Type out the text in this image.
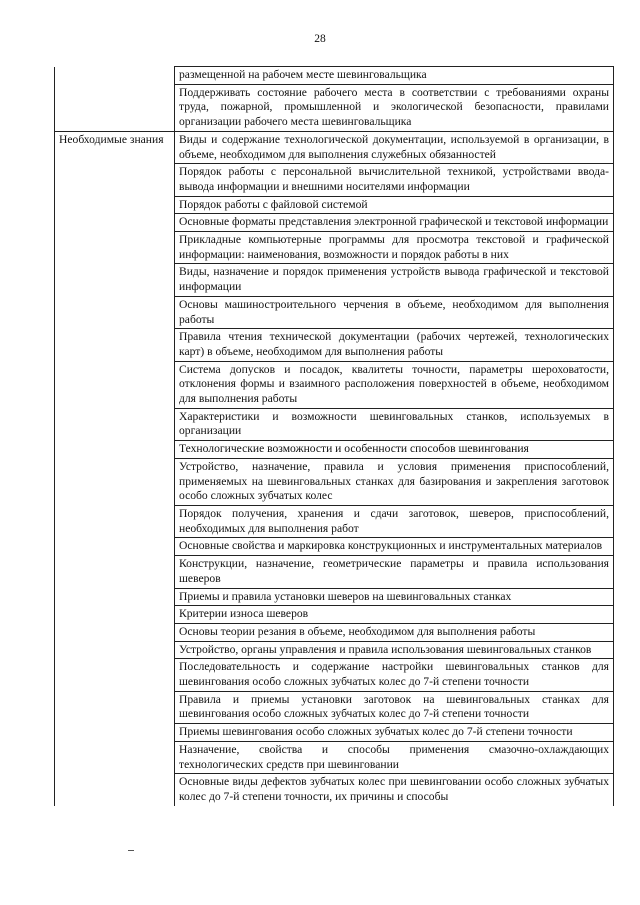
28
	размещенной на рабочем месте шевинговальщика
	Поддерживать состояние рабочего места в соответствии с требованиями охраны труда, пожарной, промышленной и экологической безопасности, правилами организации рабочего места шевинговальщика
Необходимые знания	Виды и содержание технологической документации, используемой в организации, в объеме, необходимом для выполнения служебных обязанностей
	Порядок работы с персональной вычислительной техникой, устройствами ввода-вывода информации и внешними носителями информации
	Порядок работы с файловой системой
	Основные форматы представления электронной графической и текстовой информации
	Прикладные компьютерные программы для просмотра текстовой и графической информации: наименования, возможности и порядок работы в них
	Виды, назначение и порядок применения устройств вывода графической и текстовой информации
	Основы машиностроительного черчения в объеме, необходимом для выполнения работы
	Правила чтения технической документации (рабочих чертежей, технологических карт) в объеме, необходимом для выполнения работы
	Система допусков и посадок, квалитеты точности, параметры шероховатости, отклонения формы и взаимного расположения поверхностей в объеме, необходимом для выполнения работы
	Характеристики и возможности шевинговальных станков, используемых в организации
	Технологические возможности и особенности способов шевингования
	Устройство, назначение, правила и условия применения приспособлений, применяемых на шевинговальных станках для базирования и закрепления заготовок особо сложных зубчатых колес
	Порядок получения, хранения и сдачи заготовок, шеверов, приспособлений, необходимых для выполнения работ
	Основные свойства и маркировка конструкционных и инструментальных материалов
	Конструкции, назначение, геометрические параметры и правила использования шеверов
	Приемы и правила установки шеверов на шевинговальных станках
	Критерии износа шеверов
	Основы теории резания в объеме, необходимом для выполнения работы
	Устройство, органы управления и правила использования шевинговальных станков
	Последовательность и содержание настройки шевинговальных станков для шевингования особо сложных зубчатых колес до 7-й степени точности
	Правила и приемы установки заготовок на шевинговальных станках для шевингования особо сложных зубчатых колес до 7-й степени точности
	Приемы шевингования особо сложных зубчатых колес до 7-й степени точности
	Назначение, свойства и способы применения смазочно-охлаждающих технологических средств при шевинговании
	Основные виды дефектов зубчатых колес при шевинговании особо сложных зубчатых колес до 7-й степени точности, их причины и способы
